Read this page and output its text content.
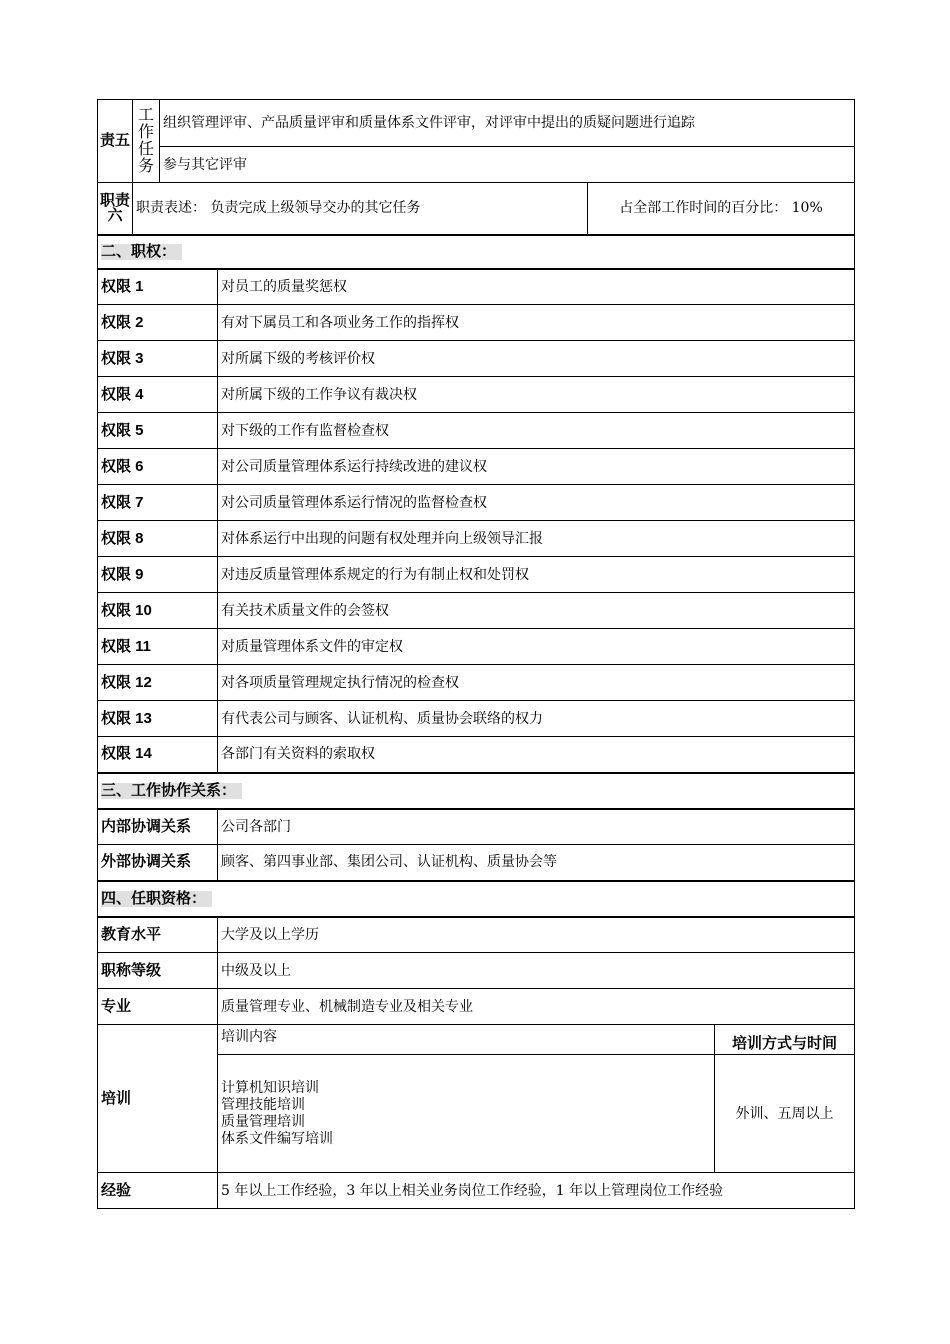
责五	工作任务	组织管理评审、产品质量评审和质量体系文件评审，对评审中提出的质疑问题进行追踪			
		参与其它评审			
职责六	职责表述： 负责完成上级领导交办的其它任务			占全部工作时间的百分比： 10%	
二、职权：					
权限 1			对员工的质量奖惩权		
权限 2			有对下属员工和各项业务工作的指挥权		
权限 3			对所属下级的考核评价权		
权限 4			对所属下级的工作争议有裁决权		
权限 5			对下级的工作有监督检查权		
权限 6			对公司质量管理体系运行持续改进的建议权		
权限 7			对公司质量管理体系运行情况的监督检查权		
权限 8			对体系运行中出现的问题有权处理并向上级领导汇报		
权限 9			对违反质量管理体系规定的行为有制止权和处罚权		
权限 10			有关技术质量文件的会签权		
权限 11			对质量管理体系文件的审定权		
权限 12			对各项质量管理规定执行情况的检查权		
权限 13			有代表公司与顾客、认证机构、质量协会联络的权力		
权限 14			各部门有关资料的索取权		
三、工作协作关系：					
内部协调关系			公司各部门		
外部协调关系			顾客、第四事业部、集团公司、认证机构、质量协会等		
四、任职资格：					
教育水平			大学及以上学历		
职称等级			中级及以上		
专业			质量管理专业、机械制造专业及相关专业		
培训			培训内容		培训方式与时间

			计算机知识培训
管理技能培训
质量管理培训
体系文件编写培训		外训、五周以上
经验			5 年以上工作经验，3 年以上相关业务岗位工作经验，1 年以上管理岗位工作经验		
